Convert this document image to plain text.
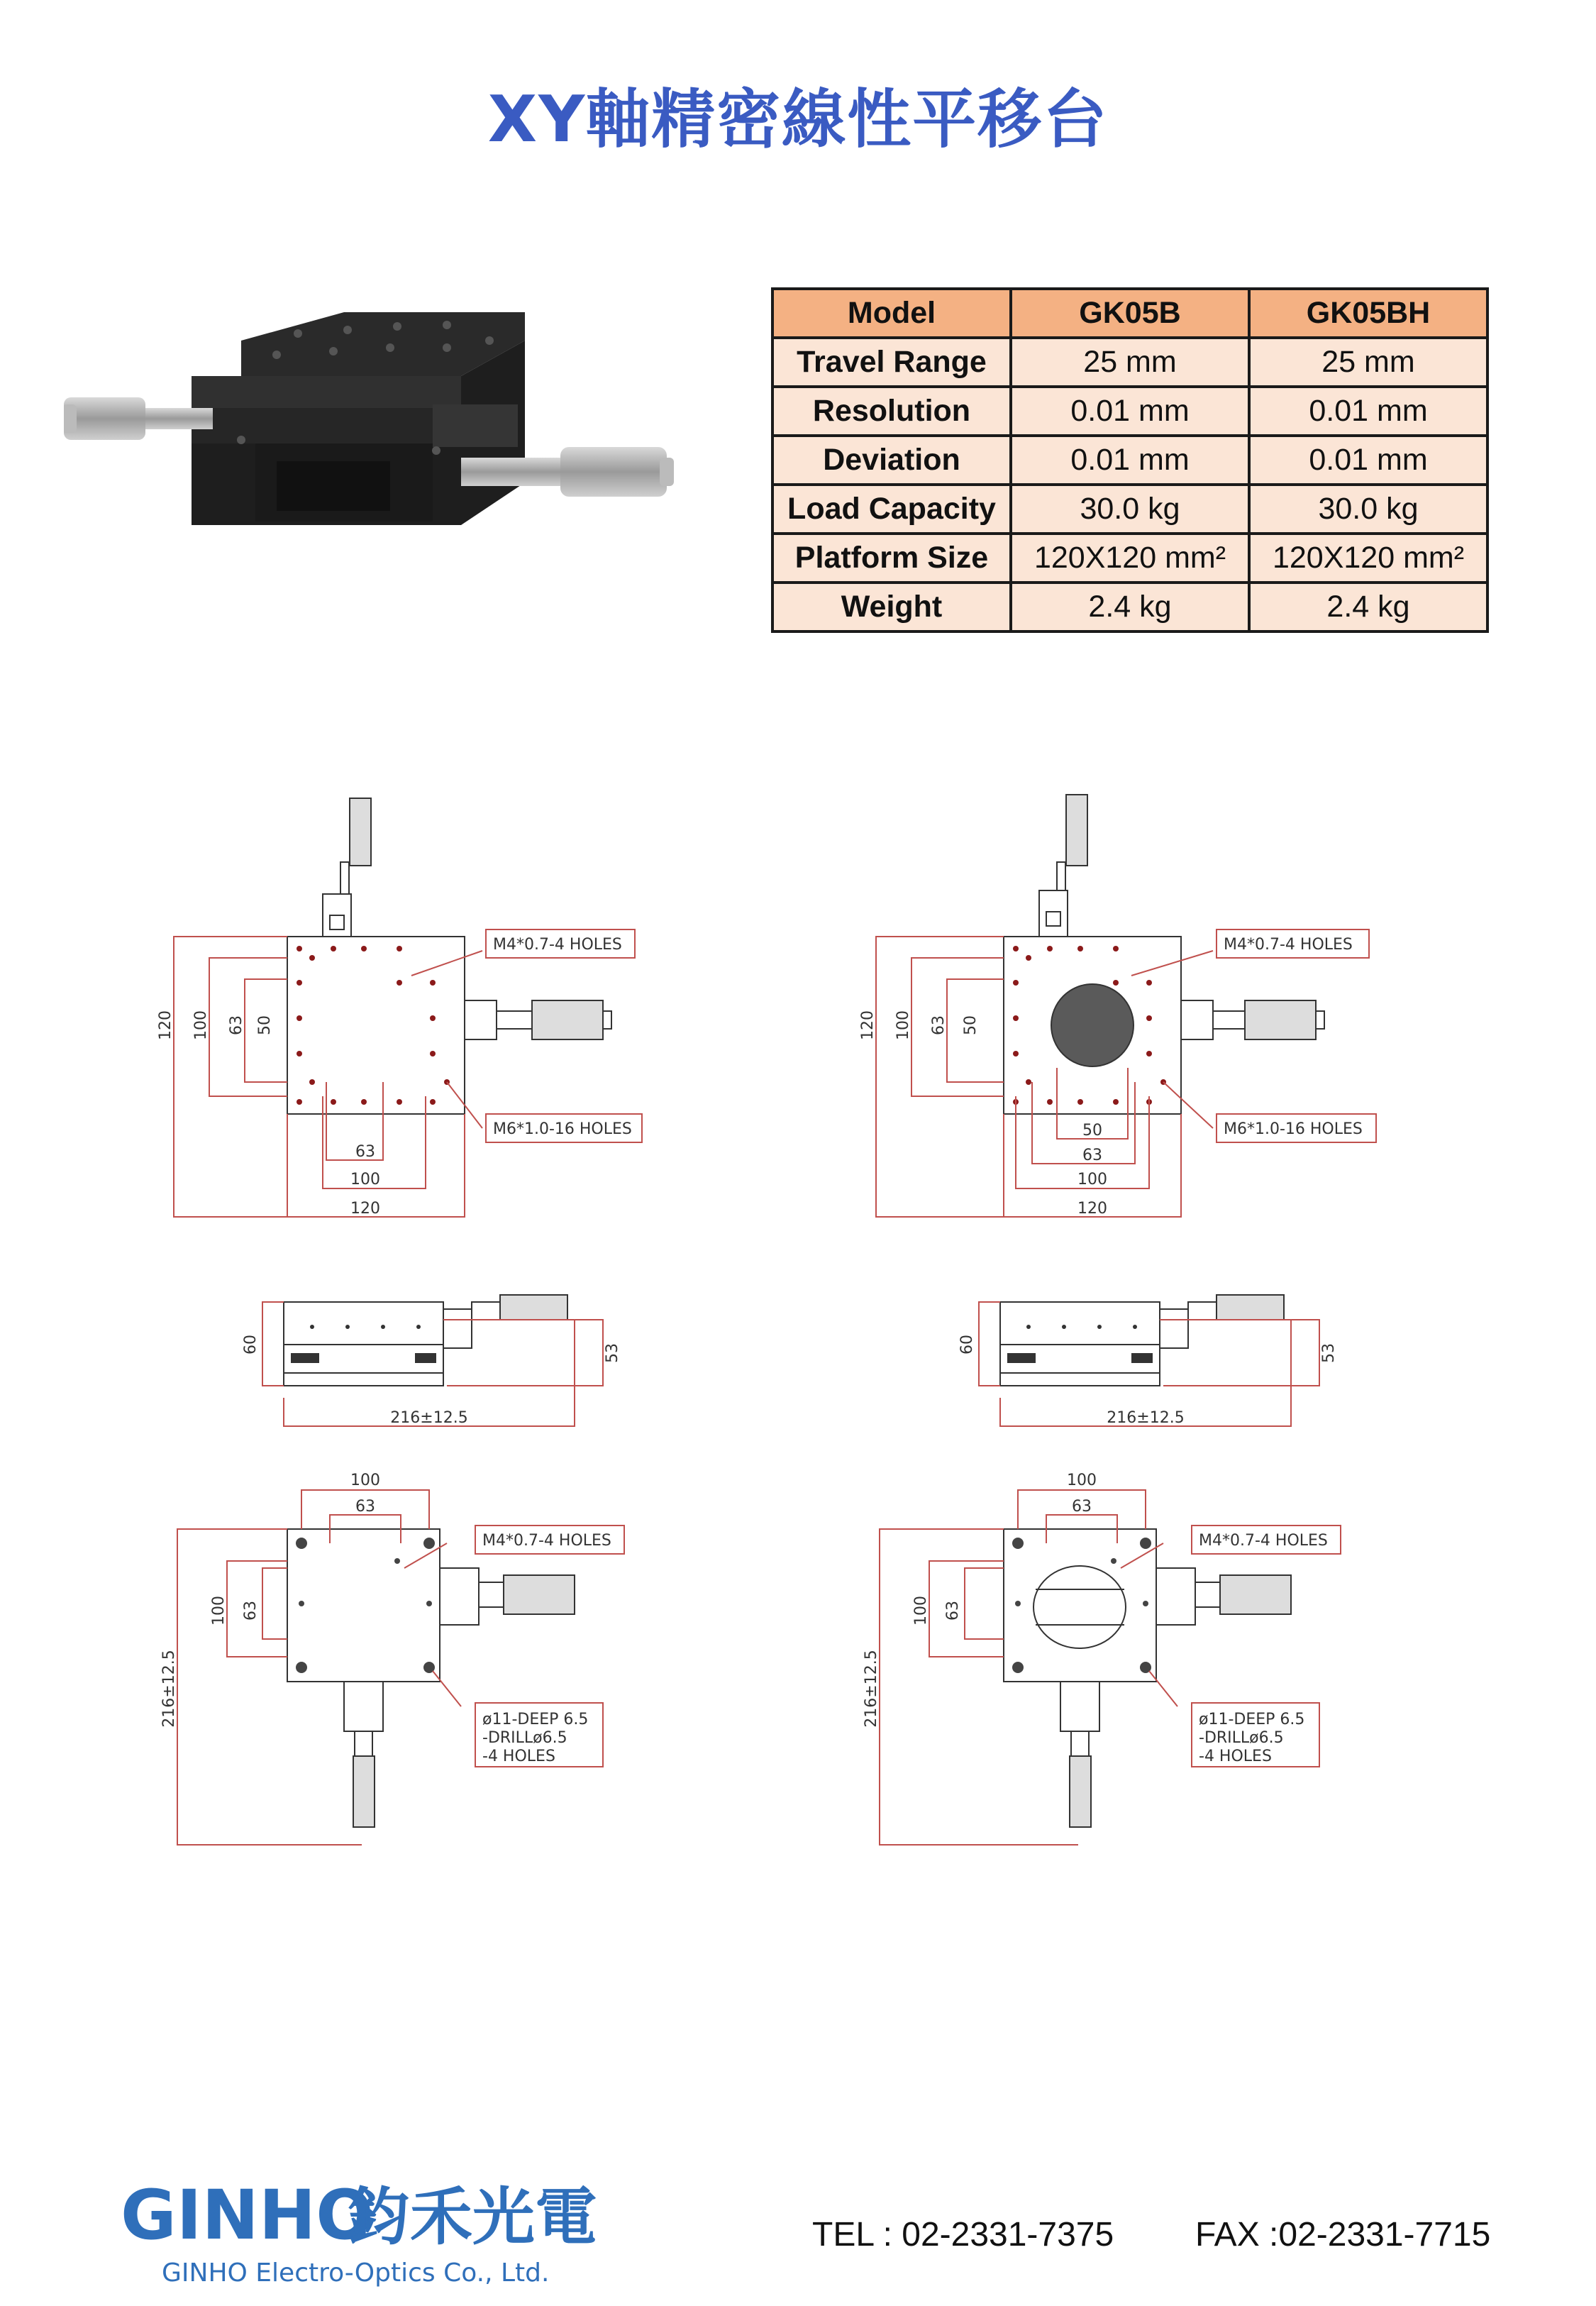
XY軸精密線性平移台
Model	GK05B	GK05BH
Travel Range	25 mm	25 mm
Resolution	0.01 mm	0.01 mm
Deviation	0.01 mm	0.01 mm
Load Capacity	30.0 kg	30.0 kg
Platform Size	120X120 mm²	120X120 mm²
Weight	2.4 kg	2.4 kg
M4*0.7-4 HOLES
M6*1.0-16 HOLES
63
100
120
120 100 63 50
60	53
216±12.5
100
63
M4*0.7-4 HOLES
ø11-DEEP 6.5
-DRILLø6.5
-4 HOLES
216±12.5
100 63
M4*0.7-4 HOLES
M6*1.0-16 HOLES
50
63
100
120
120 100 63 50
60	53
216±12.5
100
63
M4*0.7-4 HOLES
ø11-DEEP 6.5
-DRILLø6.5
-4 HOLES
216±12.5
100 63
GINHO
鈞禾光電
GINHO Electro-Optics Co., Ltd.
TEL : 02-2331-7375 FAX :02-2331-7715
